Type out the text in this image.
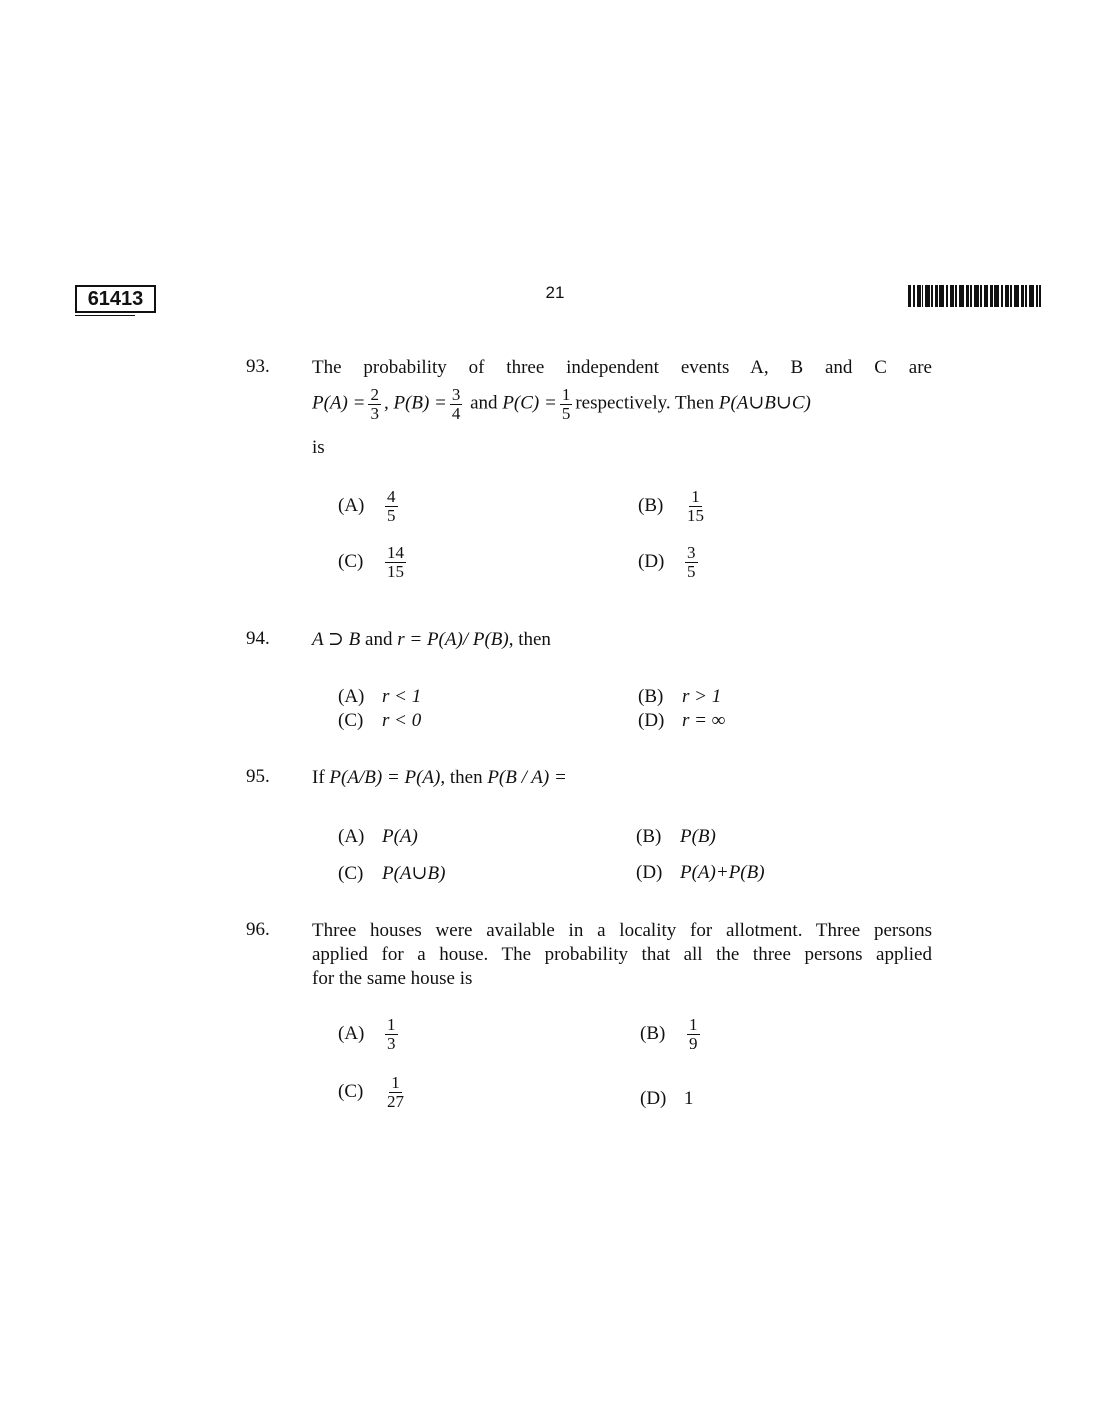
61413	21
93. The probability of three independent events A, B and C are
$P(A) = \frac{2}{3}$ , $P(B) = \frac{3}{4}$ and $P(C) = \frac{1}{5}$ respectively. Then P(A∪B∪C)
is
$(A) \frac{4}{5}$	$(B) \frac{1}{15}$
$(C) \frac{14}{15}$	$(D) \frac{3}{5}$
94. A ⊃ B and r = P(A)/ P(B), then
(A) r < 1	(B) r > 1
(C) r < 0	(D) r = ∞
95. If P(A/B) = P(A), then P(B / A) =
(A) P(A)	(B) P(B)
(C) P(A∪B)	(D) P(A)+P(B)
96. Three houses were available in a locality for allotment. Three persons
applied for a house. The probability that all the three persons applied
for the same house is
$(A) \frac{1}{3}$	$(B) \frac{1}{9}$
$(C) \frac{1}{27}$	(D) 1
